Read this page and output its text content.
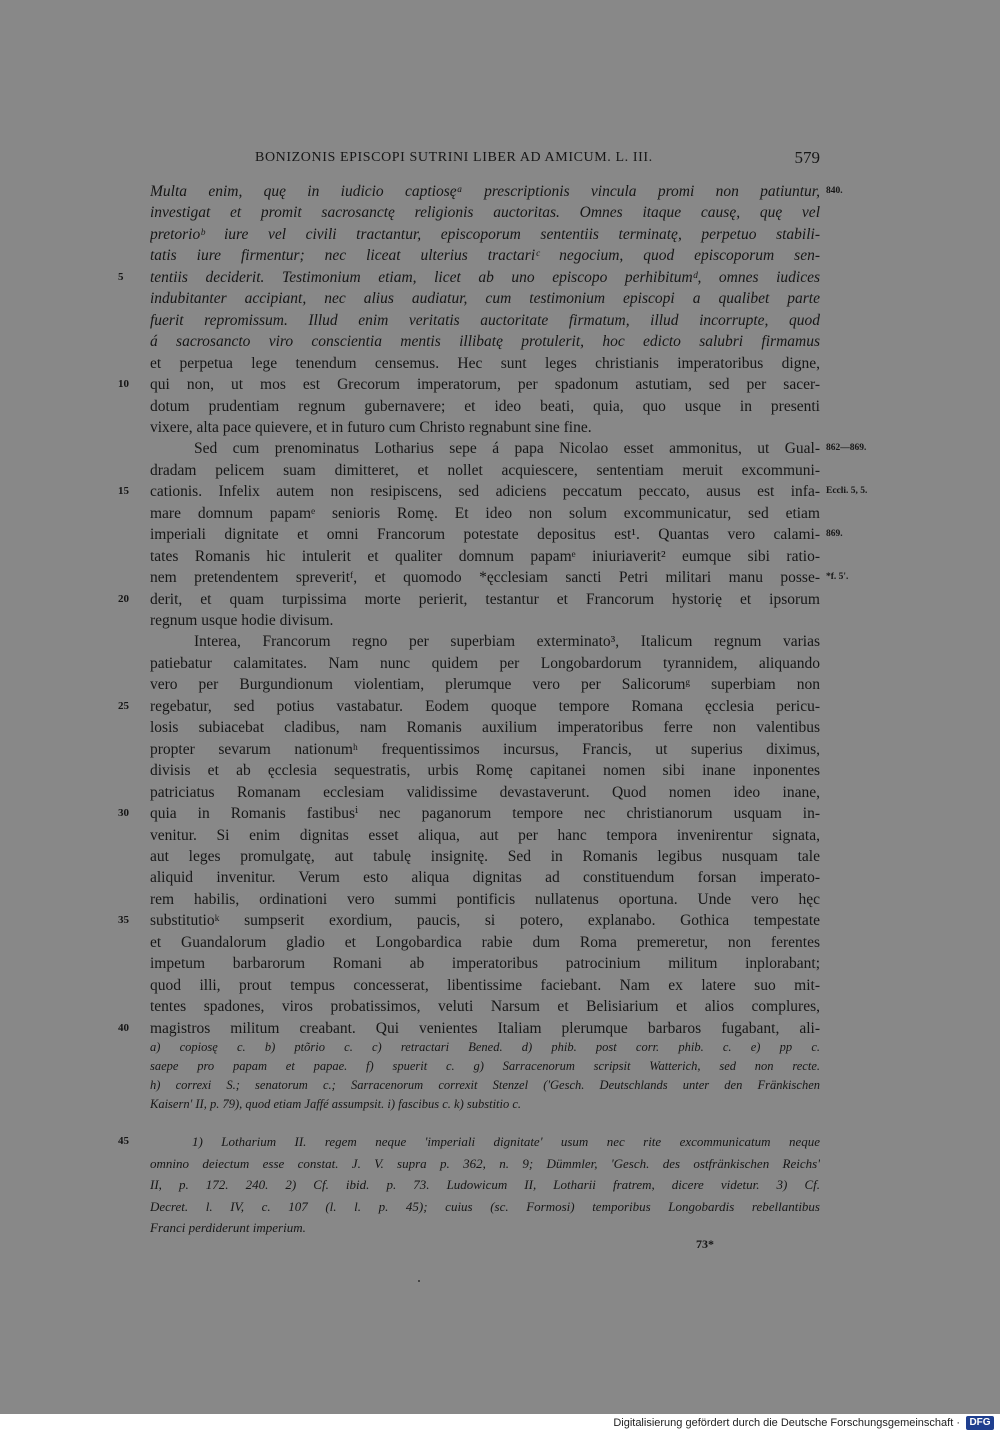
BONIZONIS EPISCOPI SUTRINI LIBER AD AMICUM. L. III.	579
Multa enim, quę in iudicio captiosęᵃ prescriptionis vincula promi non patiuntur, 840.
investigat et promit sacrosanctę religionis auctoritas. Omnes itaque causę, quę vel
pretorioᵇ iure vel civili tractantur, episcoporum sententiis terminatę, perpetuo stabili-
tatis iure firmentur; nec liceat ulterius tractariᶜ negocium, quod episcoporum sen-
tentiis deciderit. Testimonium etiam, licet ab uno episcopo perhibitumᵈ, omnes iudices
5
indubitanter accipiant, nec alius audiatur, cum testimonium episcopi a qualibet parte
fuerit repromissum. Illud enim veritatis auctoritate firmatum, illud incorrupte, quod
á sacrosancto viro conscientia mentis illibatę protulerit, hoc edicto salubri firmamus
et perpetua lege tenendum censemus. Hec sunt leges christianis imperatoribus digne,
qui non, ut mos est Grecorum imperatorum, per spadonum astutiam, sed per sacer-
10
dotum prudentiam regnum gubernavere; et ideo beati, quia, quo usque in presenti
vixere, alta pace quievere, et in futuro cum Christo regnabunt sine fine.
Sed cum prenominatus Lotharius sepe á papa Nicolao esset ammonitus, ut Gual- 862—869.
dradam pelicem suam dimitteret, et nollet acquiescere, sententiam meruit excommuni-
cationis. Infelix autem non resipiscens, sed adiciens peccatum peccato, ausus est infa-
15	Eccli. 5, 5.
mare domnum papamᵉ senioris Romę. Et ideo non solum excommunicatur, sed etiam
imperiali dignitate et omni Francorum potestate depositus est¹. Quantas vero calami- 869.
tates Romanis hic intulerit et qualiter domnum papamᵉ iniuriaverit² eumque sibi ratio-
nem pretendentem spreveritᶠ, et quomodo *ęcclesiam sancti Petri militari manu posse- *f. 5'.
derit, et quam turpissima morte perierit, testantur et Francorum hystorię et ipsorum
20
regnum usque hodie divisum.
Interea, Francorum regno per superbiam exterminato³, Italicum regnum varias
patiebatur calamitates. Nam nunc quidem per Longobardorum tyrannidem, aliquando
vero per Burgundionum violentiam, plerumque vero per Salicorumᵍ superbiam non
regebatur, sed potius vastabatur. Eodem quoque tempore Romana ęcclesia pericu-
25
losis subiacebat cladibus, nam Romanis auxilium imperatoribus ferre non valentibus
propter sevarum nationumʰ frequentissimos incursus, Francis, ut superius diximus,
divisis et ab ęcclesia sequestratis, urbis Romę capitanei nomen sibi inane inponentes
patriciatus Romanam ecclesiam validissime devastaverunt. Quod nomen ideo inane,
quia in Romanis fastibusⁱ nec paganorum tempore nec christianorum usquam in-
30
venitur. Si enim dignitas esset aliqua, aut per hanc tempora invenirentur signata,
aut leges promulgatę, aut tabulę insignitę. Sed in Romanis legibus nusquam tale
aliquid invenitur. Verum esto aliqua dignitas ad constituendum forsan imperato-
rem habilis, ordinationi vero summi pontificis nullatenus oportuna. Unde vero hęc
substitutioᵏ sumpserit exordium, paucis, si potero, explanabo. Gothica tempestate
35
et Guandalorum gladio et Longobardica rabie dum Roma premeretur, non ferentes
impetum barbarorum Romani ab imperatoribus patrocinium militum inplorabant;
quod illi, prout tempus concesserat, libentissime faciebant. Nam ex latere suo mit-
tentes spadones, viros probatissimos, veluti Narsum et Belisiarium et alios complures,
magistros militum creabant. Qui venientes Italiam plerumque barbaros fugabant, ali-
40
a) copiosę c. b) ptõrio c. c) retractari Bened. d) phib. post corr. phib. c. e) pp c.
saepe pro papam et papae. f) spuerit c. g) Sarracenorum scripsit Watterich, sed non recte.
h) correxi S.; senatorum c.; Sarracenorum correxit Stenzel ('Gesch. Deutschlands unter den Fränkischen
Kaisern' II, p. 79), quod etiam Jaffé assumpsit. i) fascibus c. k) substitio c.
1) Lotharium II. regem neque 'imperiali dignitate' usum nec rite excommunicatum neque
45
omnino deiectum esse constat. J. V. supra p. 362, n. 9; Dümmler, 'Gesch. des ostfränkischen Reichs'
II, p. 172. 240. 2) Cf. ibid. p. 73. Ludowicum II, Lotharii fratrem, dicere videtur. 3) Cf.
Decret. l. IV, c. 107 (l. l. p. 45); cuius (sc. Formosi) temporibus Longobardis rebellantibus
Franci perdiderunt imperium.
73*
Digitalisierung gefördert durch die Deutsche Forschungsgemeinschaft · DFG
